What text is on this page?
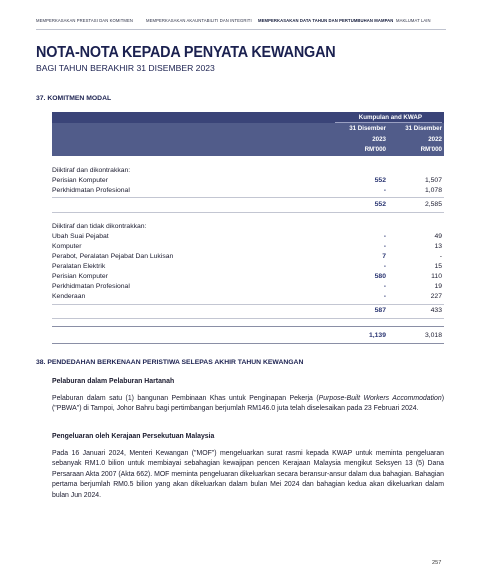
MEMPERKASAKAN PRESTASI DAN KOMITMEN	MEMPERKASAKAN AKAUNTABILITI DAN INTEGRITI MEMPERKASAKAN DATA TAHUN DAN PERTUMBUHAN MAMPAN MAKLUMAT LAIN
NOTA-NOTA KEPADA PENYATA KEWANGAN
BAGI TAHUN BERAKHIR 31 DISEMBER 2023
37. KOMITMEN MODAL
Kumpulan and KWAP
31 Disember
2023
RM'000
31 Disember
2022
RM'000
Diiktiraf dan dikontrakkan:
Perisian Komputer	552	1,507
Perkhidmatan Profesional	-	1,078
552	2,585
Diiktiraf dan tidak dikontrakkan:
Ubah Suai Pejabat	-	49
Komputer	-	13
Perabot, Peralatan Pejabat Dan Lukisan	7	-
Peralatan Elektrik	-	15
Perisian Komputer	580	110
Perkhidmatan Profesional	-	19
Kenderaan	-	227
587	433
1,139	3,018
38. PENDEDAHAN BERKENAAN PERISTIWA SELEPAS AKHIR TAHUN KEWANGAN
Pelaburan dalam Pelaburan Hartanah
Pelaburan dalam satu (1) bangunan Pembinaan Khas untuk Penginapan Pekerja (Purpose-Built Workers Accommodation) ("PBWA") di Tampoi, Johor Bahru bagi pertimbangan berjumlah RM146.0 juta telah diselesaikan pada 23 Februari 2024.
Pengeluaran oleh Kerajaan Persekutuan Malaysia
Pada 16 Januari 2024, Menteri Kewangan ("MOF") mengeluarkan surat rasmi kepada KWAP untuk meminta pengeluaran sebanyak RM1.0 bilion untuk membiayai sebahagian kewajipan pencen Kerajaan Malaysia mengikut Seksyen 13 (5) Dana Persaraan Akta 2007 (Akta 662). MOF meminta pengeluaran dikeluarkan secara beransur-ansur dalam dua bahagian. Bahagian pertama berjumlah RM0.5 bilion yang akan dikeluarkan dalam bulan Mei 2024 dan bahagian kedua akan dikeluarkan dalam bulan Jun 2024.
257
